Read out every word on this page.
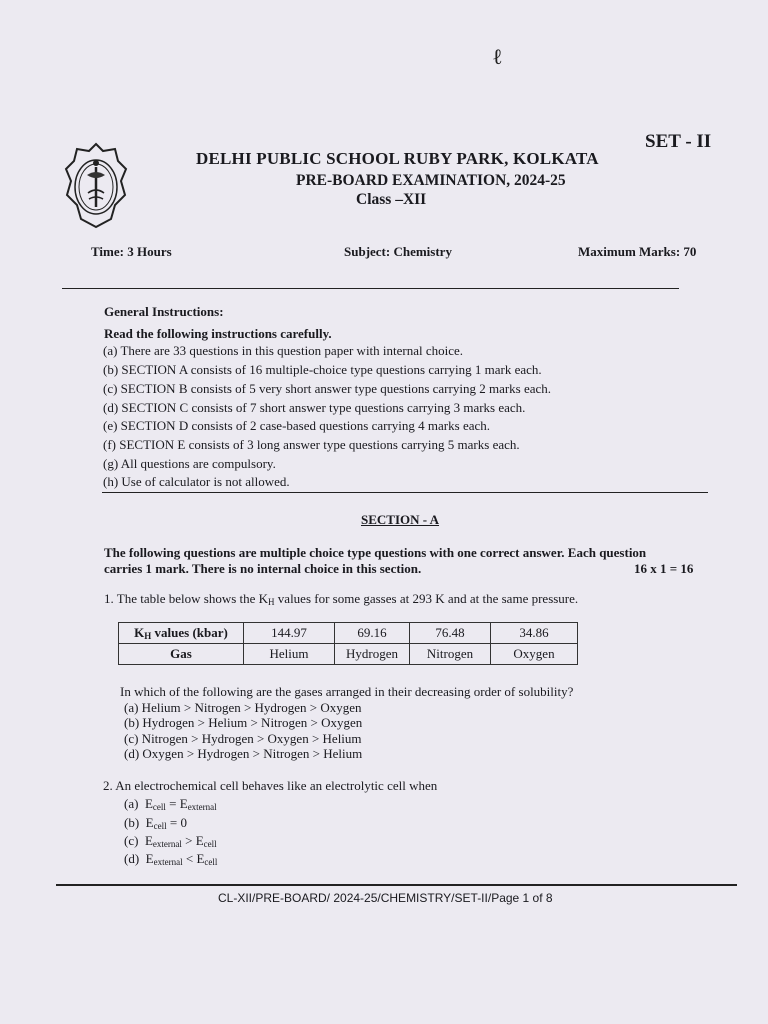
ℓ
SET - II
DELHI PUBLIC SCHOOL RUBY PARK, KOLKATA
PRE-BOARD EXAMINATION, 2024-25
Class –XII
Time: 3 Hours	Subject: Chemistry	Maximum Marks: 70
General Instructions:
Read the following instructions carefully.
(a) There are 33 questions in this question paper with internal choice.
(b) SECTION A consists of 16 multiple-choice type questions carrying 1 mark each.
(c) SECTION B consists of 5 very short answer type questions carrying 2 marks each.
(d) SECTION C consists of 7 short answer type questions carrying 3 marks each.
(e) SECTION D consists of 2 case-based questions carrying 4 marks each.
(f) SECTION E consists of 3 long answer type questions carrying 5 marks each.
(g) All questions are compulsory.
(h) Use of calculator is not allowed.
SECTION - A
The following questions are multiple choice type questions with one correct answer. Each question
carries 1 mark. There is no internal choice in this section.	16 x 1 = 16
1. The table below shows the $K_H$ values for some gasses at 293 K and at the same pressure.
$K_H$ values (kbar)	144.97	69.16	76.48	34.86
Gas	Helium	Hydrogen	Nitrogen	Oxygen
In which of the following are the gases arranged in their decreasing order of solubility?
(a) Helium > Nitrogen > Hydrogen > Oxygen
(b) Hydrogen > Helium > Nitrogen > Oxygen
(c) Nitrogen > Hydrogen > Oxygen > Helium
(d) Oxygen > Hydrogen > Nitrogen > Helium
2. An electrochemical cell behaves like an electrolytic cell when
(a) $E_{cell} = E_{external}$
(b) $E_{cell} = 0$
(c) $E_{external} > E_{cell}$
(d) $E_{external} < E_{cell}$
CL-XII/PRE-BOARD/ 2024-25/CHEMISTRY/SET-II/Page 1 of 8
